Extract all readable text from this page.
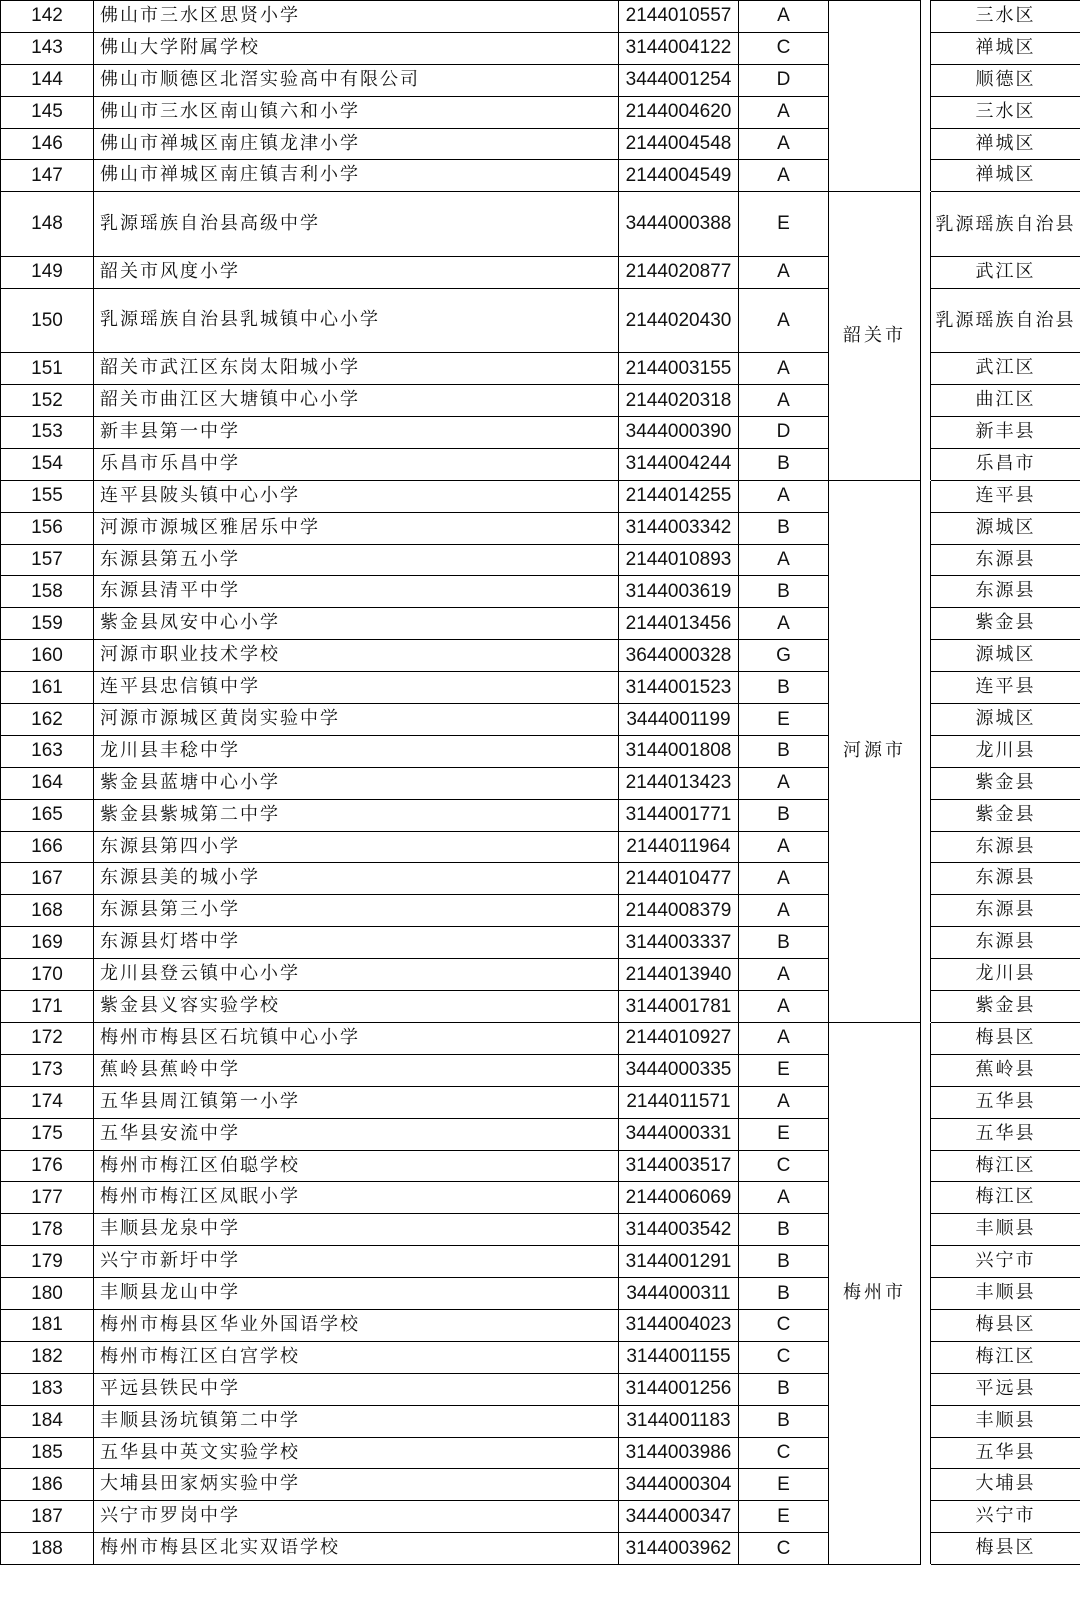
142	佛山市三水区思贤小学	2144010557	A			三水区
143	佛山大学附属学校	3144004122	C			禅城区
144	佛山市顺德区北滘实验高中有限公司	3444001254	D			顺德区
145	佛山市三水区南山镇六和小学	2144004620	A			三水区
146	佛山市禅城区南庄镇龙津小学	2144004548	A			禅城区
147	佛山市禅城区南庄镇吉利小学	2144004549	A			禅城区
148	乳源瑶族自治县高级中学	3444000388	E	韶关市		乳源瑶族自治县
149	韶关市风度小学	2144020877	A			武江区
150	乳源瑶族自治县乳城镇中心小学	2144020430	A			乳源瑶族自治县
151	韶关市武江区东岗太阳城小学	2144003155	A			武江区
152	韶关市曲江区大塘镇中心小学	2144020318	A			曲江区
153	新丰县第一中学	3444000390	D			新丰县
154	乐昌市乐昌中学	3144004244	B			乐昌市
155	连平县陂头镇中心小学	2144014255	A	河源市		连平县
156	河源市源城区雅居乐中学	3144003342	B			源城区
157	东源县第五小学	2144010893	A			东源县
158	东源县清平中学	3144003619	B			东源县
159	紫金县凤安中心小学	2144013456	A			紫金县
160	河源市职业技术学校	3644000328	G			源城区
161	连平县忠信镇中学	3144001523	B			连平县
162	河源市源城区黄岗实验中学	3444001199	E			源城区
163	龙川县丰稔中学	3144001808	B			龙川县
164	紫金县蓝塘中心小学	2144013423	A			紫金县
165	紫金县紫城第二中学	3144001771	B			紫金县
166	东源县第四小学	2144011964	A			东源县
167	东源县美的城小学	2144010477	A			东源县
168	东源县第三小学	2144008379	A			东源县
169	东源县灯塔中学	3144003337	B			东源县
170	龙川县登云镇中心小学	2144013940	A			龙川县
171	紫金县义容实验学校	3144001781	A			紫金县
172	梅州市梅县区石坑镇中心小学	2144010927	A	梅州市		梅县区
173	蕉岭县蕉岭中学	3444000335	E			蕉岭县
174	五华县周江镇第一小学	2144011571	A			五华县
175	五华县安流中学	3444000331	E			五华县
176	梅州市梅江区伯聪学校	3144003517	C			梅江区
177	梅州市梅江区凤眠小学	2144006069	A			梅江区
178	丰顺县龙泉中学	3144003542	B			丰顺县
179	兴宁市新圩中学	3144001291	B			兴宁市
180	丰顺县龙山中学	3444000311	B			丰顺县
181	梅州市梅县区华业外国语学校	3144004023	C			梅县区
182	梅州市梅江区白宫学校	3144001155	C			梅江区
183	平远县铁民中学	3144001256	B			平远县
184	丰顺县汤坑镇第二中学	3144001183	B			丰顺县
185	五华县中英文实验学校	3144003986	C			五华县
186	大埔县田家炳实验中学	3444000304	E			大埔县
187	兴宁市罗岗中学	3444000347	E			兴宁市
188	梅州市梅县区北实双语学校	3144003962	C			梅县区
